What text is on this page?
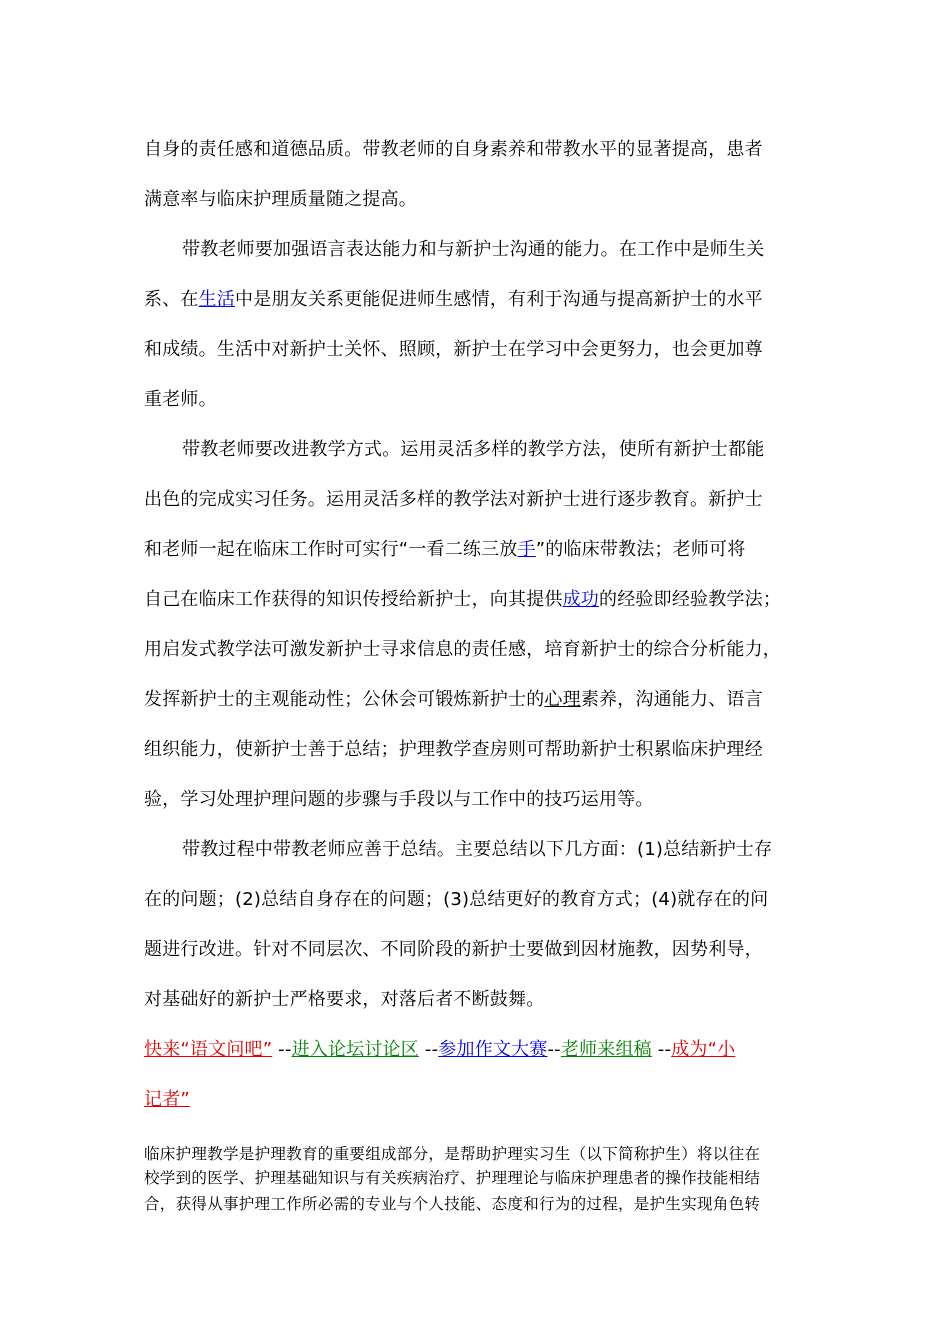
自身的责任感和道德品质。带教老师的自身素养和带教水平的显著提高，患者
满意率与临床护理质量随之提高。
带教老师要加强语言表达能力和与新护士沟通的能力。在工作中是师生关
系、在生活中是朋友关系更能促进师生感情，有利于沟通与提高新护士的水平
和成绩。生活中对新护士关怀、照顾，新护士在学习中会更努力，也会更加尊
重老师。
带教老师要改进教学方式。运用灵活多样的教学方法，使所有新护士都能
出色的完成实习任务。运用灵活多样的教学法对新护士进行逐步教育。新护士
和老师一起在临床工作时可实行“一看二练三放手”的临床带教法；老师可将
自己在临床工作获得的知识传授给新护士，向其提供成功的经验即经验教学法；
用启发式教学法可激发新护士寻求信息的责任感，培育新护士的综合分析能力，
发挥新护士的主观能动性；公休会可锻炼新护士的心理素养，沟通能力、语言
组织能力，使新护士善于总结；护理教学查房则可帮助新护士积累临床护理经
验，学习处理护理问题的步骤与手段以与工作中的技巧运用等。
带教过程中带教老师应善于总结。主要总结以下几方面：(1)总结新护士存
在的问题；(2)总结自身存在的问题；(3)总结更好的教育方式；(4)就存在的问
题进行改进。针对不同层次、不同阶段的新护士要做到因材施教，因势利导，
对基础好的新护士严格要求，对落后者不断鼓舞。
快来“语文问吧” --进入论坛讨论区 --参加作文大赛--老师来组稿 --成为“小
记者”
临床护理教学是护理教育的重要组成部分，是帮助护理实习生（以下简称护生）将以往在
校学到的医学、护理基础知识与有关疾病治疗、护理理论与临床护理患者的操作技能相结
合，获得从事护理工作所必需的专业与个人技能、态度和行为的过程，是护生实现角色转
